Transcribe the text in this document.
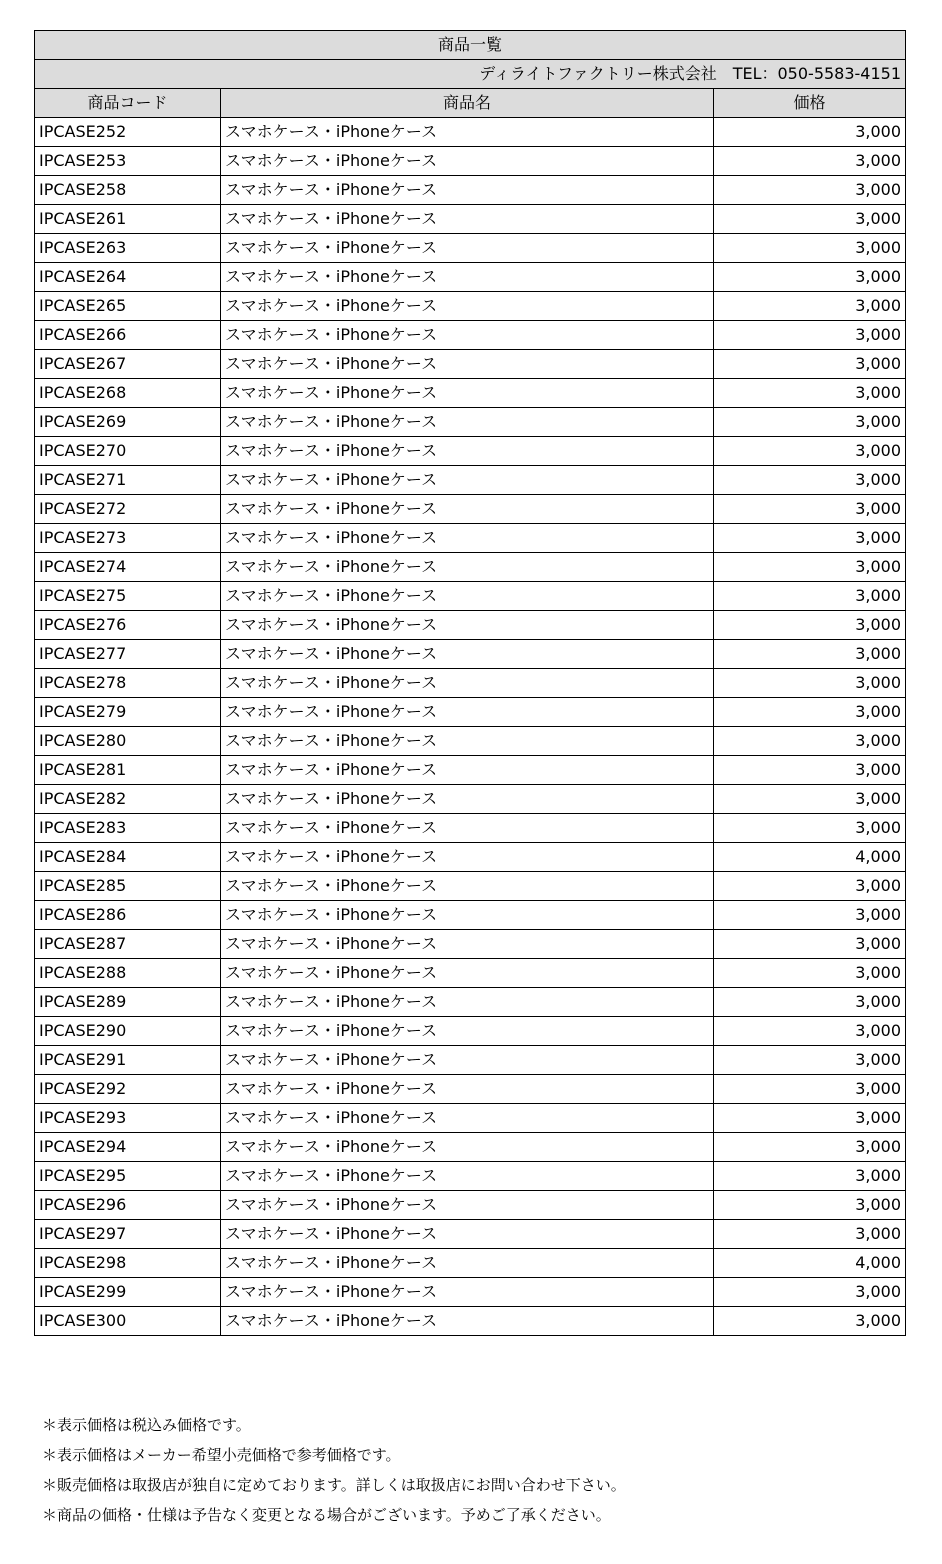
商品一覧		
ディライトファクトリー株式会社　TEL：050-5583-4151		
商品コード	商品名	価格
IPCASE252	スマホケース・iPhoneケース	3,000
IPCASE253	スマホケース・iPhoneケース	3,000
IPCASE258	スマホケース・iPhoneケース	3,000
IPCASE261	スマホケース・iPhoneケース	3,000
IPCASE263	スマホケース・iPhoneケース	3,000
IPCASE264	スマホケース・iPhoneケース	3,000
IPCASE265	スマホケース・iPhoneケース	3,000
IPCASE266	スマホケース・iPhoneケース	3,000
IPCASE267	スマホケース・iPhoneケース	3,000
IPCASE268	スマホケース・iPhoneケース	3,000
IPCASE269	スマホケース・iPhoneケース	3,000
IPCASE270	スマホケース・iPhoneケース	3,000
IPCASE271	スマホケース・iPhoneケース	3,000
IPCASE272	スマホケース・iPhoneケース	3,000
IPCASE273	スマホケース・iPhoneケース	3,000
IPCASE274	スマホケース・iPhoneケース	3,000
IPCASE275	スマホケース・iPhoneケース	3,000
IPCASE276	スマホケース・iPhoneケース	3,000
IPCASE277	スマホケース・iPhoneケース	3,000
IPCASE278	スマホケース・iPhoneケース	3,000
IPCASE279	スマホケース・iPhoneケース	3,000
IPCASE280	スマホケース・iPhoneケース	3,000
IPCASE281	スマホケース・iPhoneケース	3,000
IPCASE282	スマホケース・iPhoneケース	3,000
IPCASE283	スマホケース・iPhoneケース	3,000
IPCASE284	スマホケース・iPhoneケース	4,000
IPCASE285	スマホケース・iPhoneケース	3,000
IPCASE286	スマホケース・iPhoneケース	3,000
IPCASE287	スマホケース・iPhoneケース	3,000
IPCASE288	スマホケース・iPhoneケース	3,000
IPCASE289	スマホケース・iPhoneケース	3,000
IPCASE290	スマホケース・iPhoneケース	3,000
IPCASE291	スマホケース・iPhoneケース	3,000
IPCASE292	スマホケース・iPhoneケース	3,000
IPCASE293	スマホケース・iPhoneケース	3,000
IPCASE294	スマホケース・iPhoneケース	3,000
IPCASE295	スマホケース・iPhoneケース	3,000
IPCASE296	スマホケース・iPhoneケース	3,000
IPCASE297	スマホケース・iPhoneケース	3,000
IPCASE298	スマホケース・iPhoneケース	4,000
IPCASE299	スマホケース・iPhoneケース	3,000
IPCASE300	スマホケース・iPhoneケース	3,000
＊表示価格は税込み価格です。
＊表示価格はメーカー希望小売価格で参考価格です。
＊販売価格は取扱店が独自に定めております。詳しくは取扱店にお問い合わせ下さい。
＊商品の価格・仕様は予告なく変更となる場合がございます。予めご了承ください。
